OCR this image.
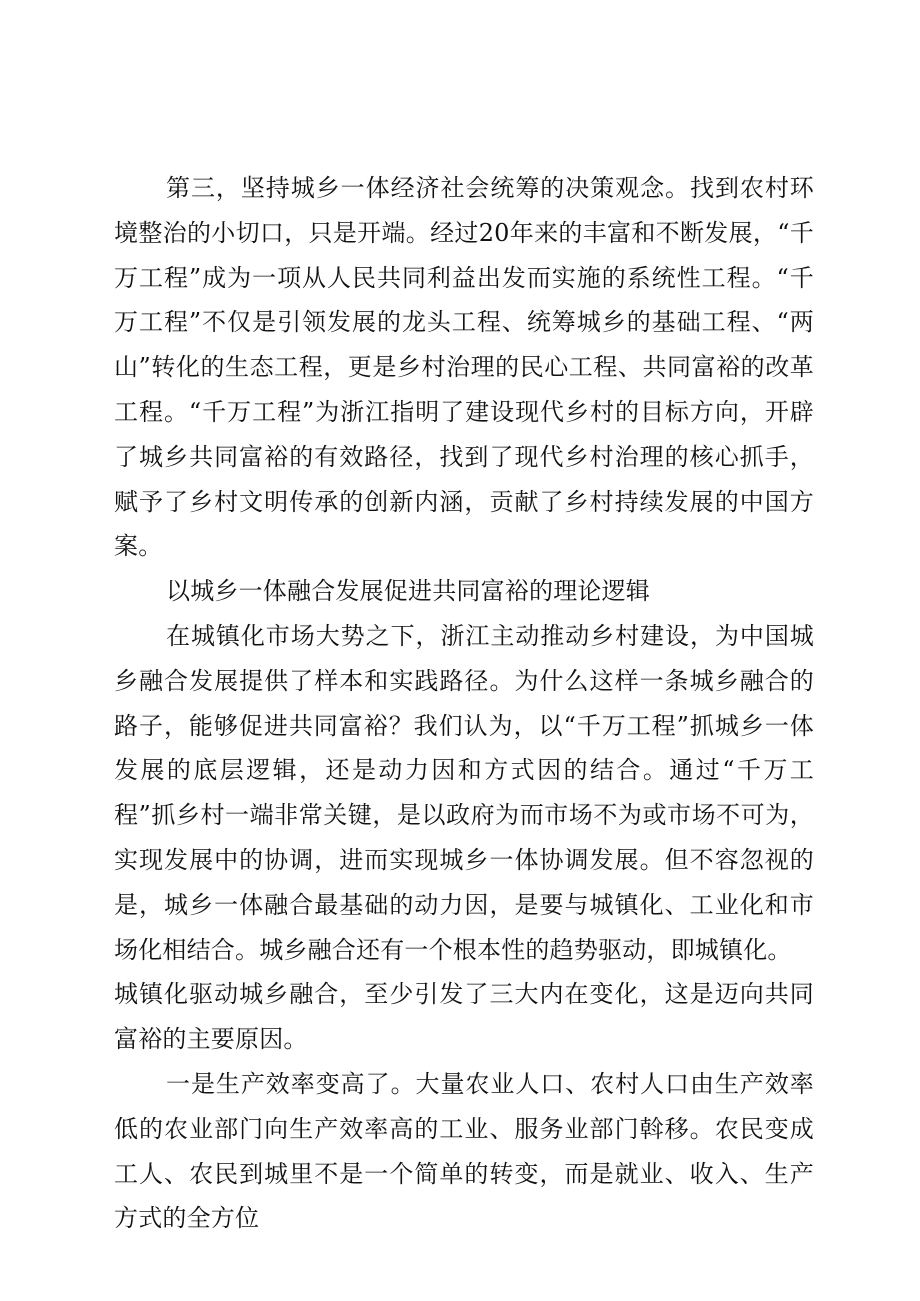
第三，坚持城乡一体经济社会统筹的决策观念。找到农村环境整治的小切口，只是开端。经过20年来的丰富和不断发展，“千万工程”成为一项从人民共同利益出发而实施的系统性工程。“千万工程”不仅是引领发展的龙头工程、统筹城乡的基础工程、“两山”转化的生态工程，更是乡村治理的民心工程、共同富裕的改革工程。“千万工程”为浙江指明了建设现代乡村的目标方向，开辟了城乡共同富裕的有效路径，找到了现代乡村治理的核心抓手，赋予了乡村文明传承的创新内涵，贡献了乡村持续发展的中国方案。

以城乡一体融合发展促进共同富裕的理论逻辑

在城镇化市场大势之下，浙江主动推动乡村建设，为中国城乡融合发展提供了样本和实践路径。为什么这样一条城乡融合的路子，能够促进共同富裕？我们认为，以“千万工程”抓城乡一体发展的底层逻辑，还是动力因和方式因的结合。通过“千万工程”抓乡村一端非常关键，是以政府为而市场不为或市场不可为，实现发展中的协调，进而实现城乡一体协调发展。但不容忽视的是，城乡一体融合最基础的动力因，是要与城镇化、工业化和市场化相结合。城乡融合还有一个根本性的趋势驱动，即城镇化。

城镇化驱动城乡融合，至少引发了三大内在变化，这是迈向共同富裕的主要原因。

一是生产效率变高了。大量农业人口、农村人口由生产效率低的农业部门向生产效率高的工业、服务业部门斡移。农民变成工人、农民到城里不是一个简单的转变，而是就业、收入、生产方式的全方位
